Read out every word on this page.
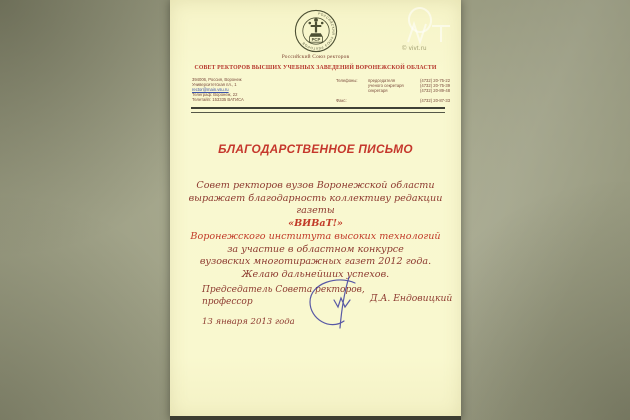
РОССИЙСКИЙ СОЮЗ РЕКТОРОВ
РСР
© vivt.ru
Российский Союз ректоров
СОВЕТ РЕКТОРОВ ВЫСШИХ УЧЕБНЫХ ЗАВЕДЕНИЙ ВОРОНЕЖСКОЙ ОБЛАСТИ
394006, Россия, Воронеж
Университетская пл., 1
rector@main.vsu.ru
Телеграф: Воронеж, 22
Телетайп: 153335 ВАТИСА
Телефоны: председателя
ученого секретаря
секретаря
(4732) 20-75-22
(4732) 20-75-39
(4732) 20-89-48
Факс:	(4732) 20-87-33
БЛАГОДАРСТВЕННОЕ ПИСЬМО
Совет ректоров вузов Воронежской области
выражает благодарность коллективу редакции газеты
«ВИВаТ!»
Воронежского института высоких технологий
за участие в областном конкурсе
вузовских многотиражных газет 2012 года.
Желаю дальнейших успехов.
Председатель Совета ректоров,
профессор	Д.А. Ендовицкий
13 января 2013 года
